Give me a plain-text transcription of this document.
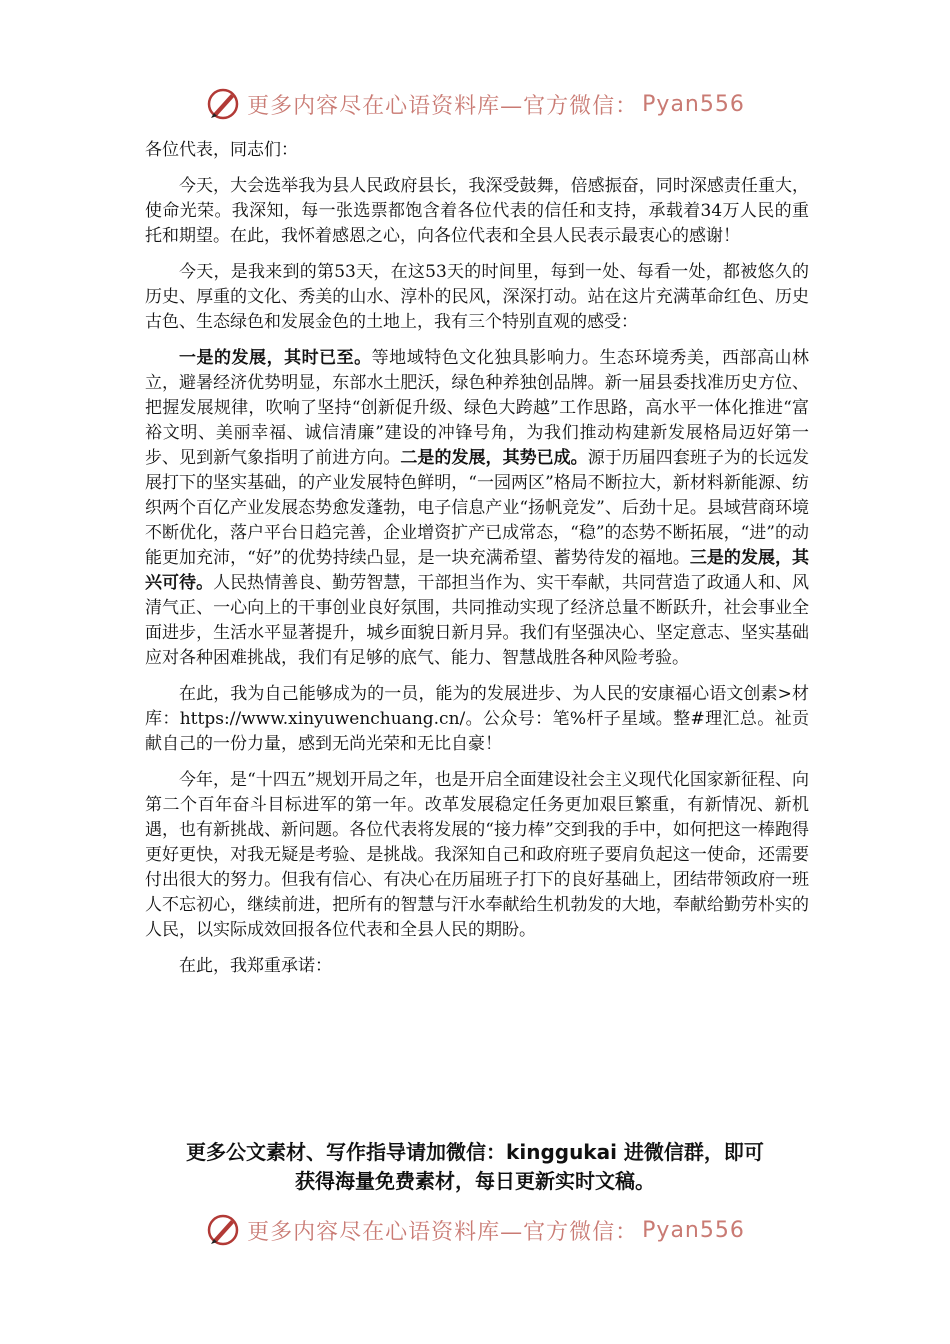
更多内容尽在心语资料库—官方微信： Pyan556

各位代表，同志们：

今天，大会选举我为县人民政府县长，我深受鼓舞，倍感振奋，同时深感责任重大，使命光荣。我深知，每一张选票都饱含着各位代表的信任和支持，承载着34万人民的重托和期望。在此，我怀着感恩之心，向各位代表和全县人民表示最衷心的感谢！

今天，是我来到的第53天，在这53天的时间里，每到一处、每看一处，都被悠久的历史、厚重的文化、秀美的山水、淳朴的民风，深深打动。站在这片充满革命红色、历史古色、生态绿色和发展金色的土地上，我有三个特别直观的感受：

一是的发展，其时已至。等地域特色文化独具影响力。生态环境秀美，西部高山林立，避暑经济优势明显，东部水土肥沃，绿色种养独创品牌。新一届县委找准历史方位、把握发展规律，吹响了坚持“创新促升级、绿色大跨越”工作思路，高水平一体化推进“富裕文明、美丽幸福、诚信清廉”建设的冲锋号角，为我们推动构建新发展格局迈好第一步、见到新气象指明了前进方向。二是的发展，其势已成。源于历届四套班子为的长远发展打下的坚实基础，的产业发展特色鲜明，“一园两区”格局不断拉大，新材料新能源、纺织两个百亿产业发展态势愈发蓬勃，电子信息产业“扬帆竞发”、后劲十足。县域营商环境不断优化，落户平台日趋完善，企业增资扩产已成常态，“稳”的态势不断拓展，“进”的动能更加充沛，“好”的优势持续凸显，是一块充满希望、蓄势待发的福地。三是的发展，其兴可待。人民热情善良、勤劳智慧，干部担当作为、实干奉献，共同营造了政通人和、风清气正、一心向上的干事创业良好氛围，共同推动实现了经济总量不断跃升，社会事业全面进步，生活水平显著提升，城乡面貌日新月异。我们有坚强决心、坚定意志、坚实基础应对各种困难挑战，我们有足够的底气、能力、智慧战胜各种风险考验。

在此，我为自己能够成为的一员，能为的发展进步、为人民的安康福心语文创素>材库：https://www.xinyuwenchuang.cn/。公众号：笔%杆子星域。整#理汇总。祉贡献自己的一份力量，感到无尚光荣和无比自豪！

今年，是“十四五”规划开局之年，也是开启全面建设社会主义现代化国家新征程、向第二个百年奋斗目标进军的第一年。改革发展稳定任务更加艰巨繁重，有新情况、新机遇，也有新挑战、新问题。各位代表将发展的“接力棒”交到我的手中，如何把这一棒跑得更好更快，对我无疑是考验、是挑战。我深知自己和政府班子要肩负起这一使命，还需要付出很大的努力。但我有信心、有决心在历届班子打下的良好基础上，团结带领政府一班人不忘初心，继续前进，把所有的智慧与汗水奉献给生机勃发的大地，奉献给勤劳朴实的人民，以实际成效回报各位代表和全县人民的期盼。

在此，我郑重承诺：

更多公文素材、写作指导请加微信：kinggukai 进微信群，即可
获得海量免费素材，每日更新实时文稿。
更多内容尽在心语资料库—官方微信： Pyan556
